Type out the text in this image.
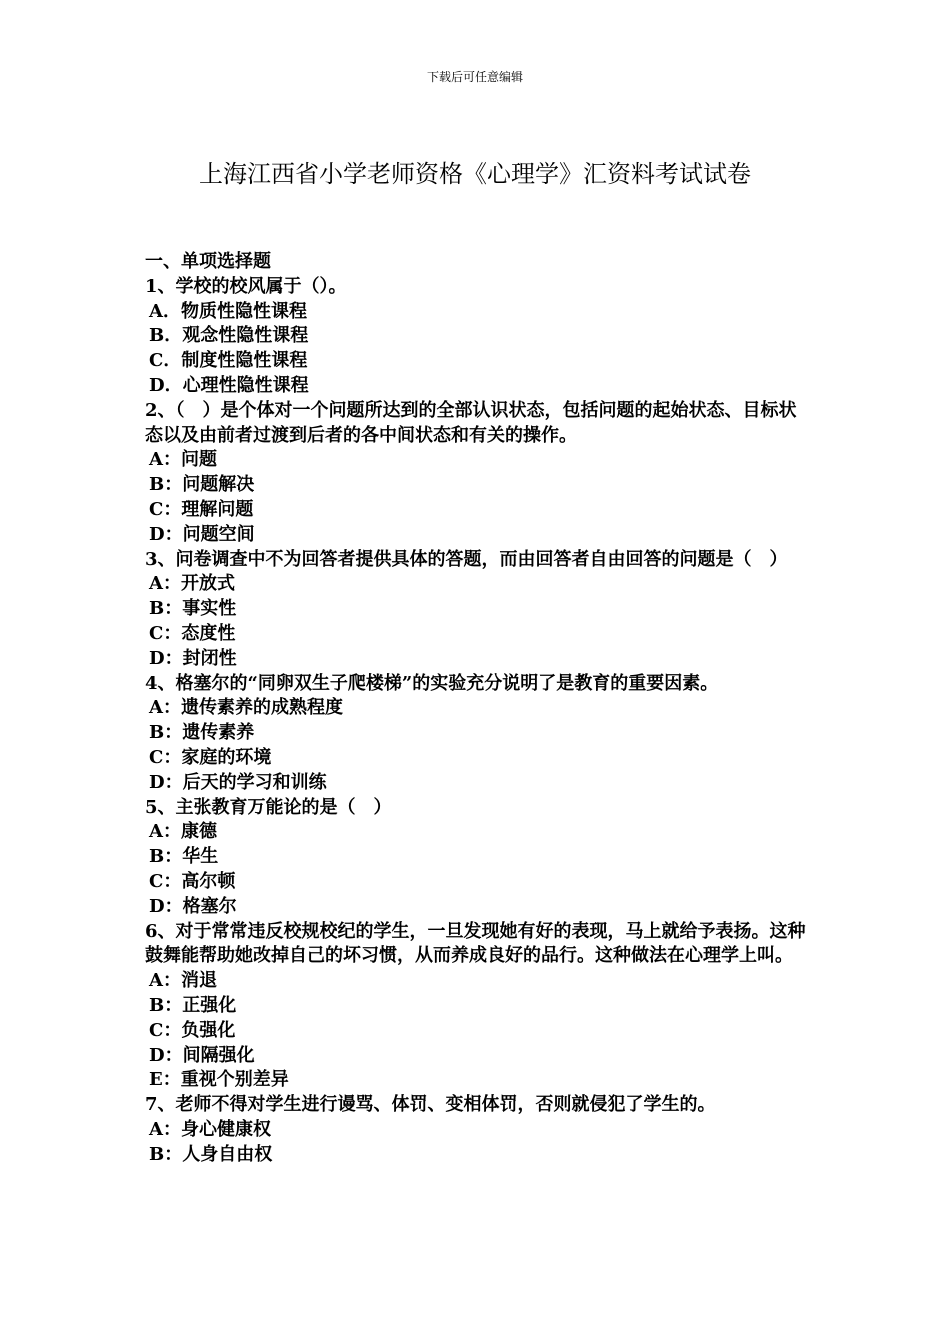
下载后可任意编辑
上海江西省小学老师资格《心理学》汇资料考试试卷

一、单项选择题

1、学校的校风属于（）。

A．物质性隐性课程

B．观念性隐性课程

C．制度性隐性课程

D．心理性隐性课程

2、（　）是个体对一个问题所达到的全部认识状态，包括问题的起始状态、目标状态以及由前者过渡到后者的各中间状态和有关的操作。

A：问题

B：问题解决

C：理解问题

D：问题空间

3、问卷调查中不为回答者提供具体的答题，而由回答者自由回答的问题是（　）

A：开放式

B：事实性

C：态度性

D：封闭性

4、格塞尔的“同卵双生子爬楼梯”的实验充分说明了是教育的重要因素。

A：遗传素养的成熟程度

B：遗传素养

C：家庭的环境

D：后天的学习和训练

5、主张教育万能论的是（　）

A：康德

B：华生

C：高尔顿

D：格塞尔

6、对于常常违反校规校纪的学生，一旦发现她有好的表现，马上就给予表扬。这种鼓舞能帮助她改掉自己的坏习惯，从而养成良好的品行。这种做法在心理学上叫。

A：消退

B：正强化

C：负强化

D：间隔强化

E：重视个别差异

7、老师不得对学生进行谩骂、体罚、变相体罚，否则就侵犯了学生的。

A：身心健康权

B：人身自由权
